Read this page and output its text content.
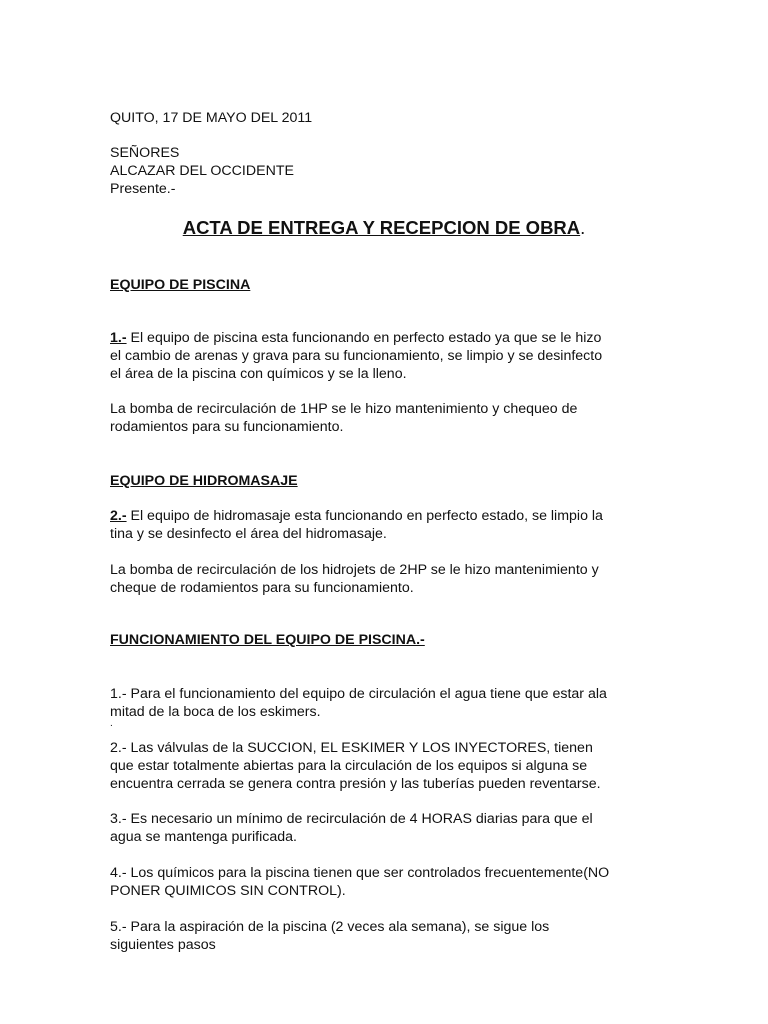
QUITO, 17 DE MAYO DEL 2011

SEÑORES
ALCAZAR DEL OCCIDENTE
Presente.-

ACTA DE ENTREGA Y RECEPCION DE OBRA.

EQUIPO DE PISCINA

1.- El equipo de piscina esta funcionando en perfecto estado ya que se le hizo
el cambio de arenas y grava para su funcionamiento, se limpio y se desinfecto
el área de la piscina con químicos y se la lleno.

La bomba de recirculación de 1HP se le hizo mantenimiento y chequeo de
rodamientos para su funcionamiento.

EQUIPO DE HIDROMASAJE

2.- El equipo de hidromasaje esta funcionando en perfecto estado, se limpio la
tina y se desinfecto el área del hidromasaje.

La bomba de recirculación de los hidrojets de 2HP se le hizo mantenimiento y
cheque de rodamientos para su funcionamiento.

FUNCIONAMIENTO DEL EQUIPO DE PISCINA.-

1.- Para el funcionamiento del equipo de circulación el agua tiene que estar ala
mitad de la boca de los eskimers.

.

2.- Las válvulas de la SUCCION, EL ESKIMER Y LOS INYECTORES, tienen
que estar totalmente abiertas para la circulación de los equipos si alguna se
encuentra cerrada se genera contra presión y las tuberías pueden reventarse.

3.- Es necesario un mínimo de recirculación de 4 HORAS diarias para que el
agua se mantenga purificada.

4.- Los químicos para la piscina tienen que ser controlados frecuentemente(NO
PONER QUIMICOS SIN CONTROL).

5.- Para la aspiración de la piscina (2 veces ala semana), se sigue los
siguientes pasos
